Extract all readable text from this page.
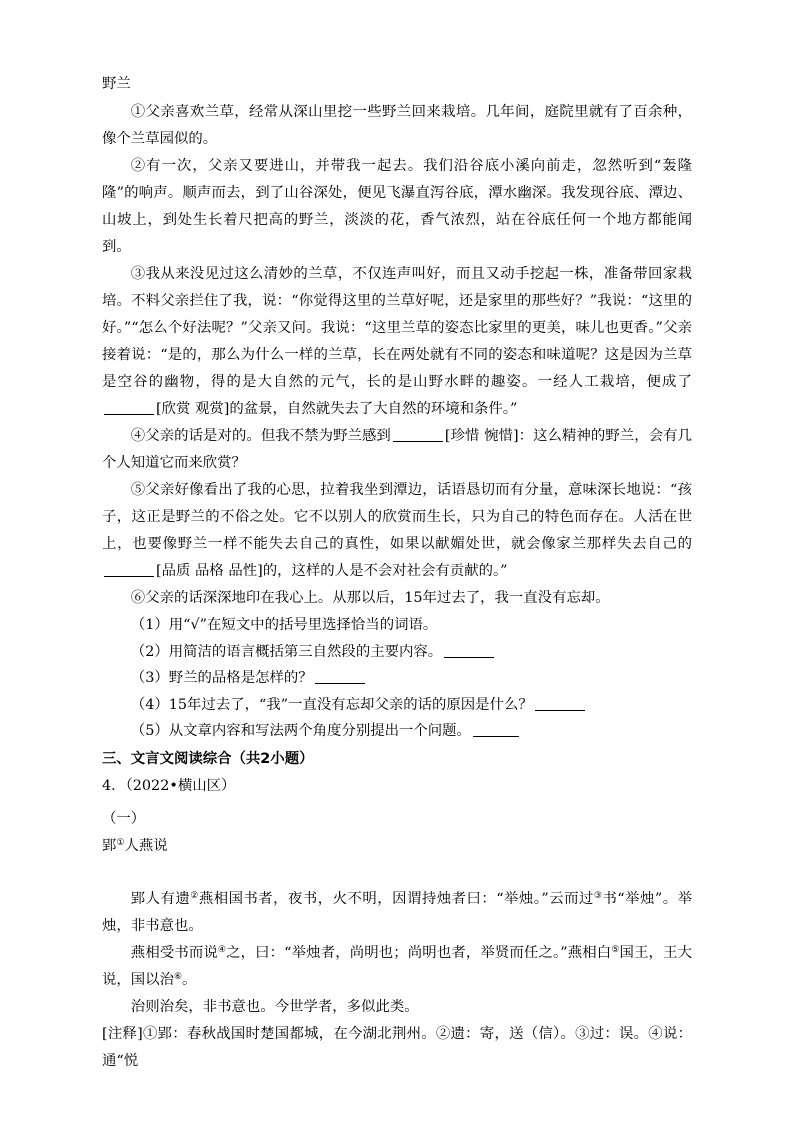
野兰

①父亲喜欢兰草，经常从深山里挖一些野兰回来栽培。几年间，庭院里就有了百余种，像个兰草园似的。

②有一次，父亲又要进山，并带我一起去。我们沿谷底小溪向前走，忽然听到“轰隆隆”的响声。顺声而去，到了山谷深处，便见飞瀑直泻谷底，潭水幽深。我发现谷底、潭边、山坡上，到处生长着尺把高的野兰，淡淡的花，香气浓烈，站在谷底任何一个地方都能闻到。

③我从来没见过这么清妙的兰草，不仅连声叫好，而且又动手挖起一株，准备带回家栽培。不料父亲拦住了我，说：“你觉得这里的兰草好呢，还是家里的那些好？”我说：“这里的好。”“怎么个好法呢？”父亲又问。我说：“这里兰草的姿态比家里的更美，味儿也更香。”父亲接着说：“是的，那么为什么一样的兰草，长在两处就有不同的姿态和味道呢？这是因为兰草是空谷的幽物，得的是大自然的元气，长的是山野水畔的趣姿。一经人工栽培，便成了[欣赏 观赏]的盆景，自然就失去了大自然的环境和条件。”

④父亲的话是对的。但我不禁为野兰感到	[珍惜 惋惜]：这么精神的野兰，会有几个人知道它而来欣赏？

⑤父亲好像看出了我的心思，拉着我坐到潭边，话语恳切而有分量，意味深长地说：“孩子，这正是野兰的不俗之处。它不以别人的欣赏而生长，只为自己的特色而存在。人活在世上，也要像野兰一样不能失去自己的真性，如果以献媚处世，就会像家兰那样失去自己的[品质 品格 品性]的，这样的人是不会对社会有贡献的。”

⑥父亲的话深深地印在我心上。从那以后，15年过去了，我一直没有忘却。

（1）用“√”在短文中的括号里选择恰当的词语。

（2）用简洁的语言概括第三自然段的主要内容。

（3）野兰的品格是怎样的？

（4）15年过去了，“我”一直没有忘却父亲的话的原因是什么？

（5）从文章内容和写法两个角度分别提出一个问题。

三、文言文阅读综合（共2小题）

4．（2022•横山区）

（一）

郢①人燕说

郢人有遗②燕相国书者，夜书，火不明，因谓持烛者曰：“举烛。”云而过③书“举烛”。举烛，非书意也。

燕相受书而说④之，曰：“举烛者，尚明也；尚明也者，举贤而任之。”燕相白⑤国王，王大说，国以治⑥。

治则治矣，非书意也。今世学者，多似此类。

[注释]①郢：春秋战国时楚国都城，在今湖北荆州。②遗：寄，送（信）。③过：误。④说：通“悦
